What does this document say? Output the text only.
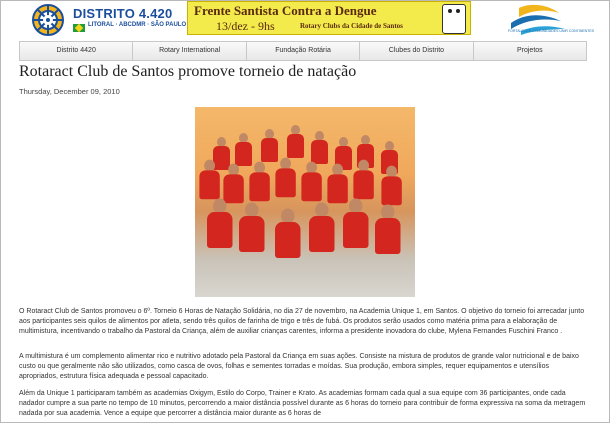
DISTRITO 4.420
LITORAL · ABCDMR · SÃO PAULO
Frente Santista Contra a Dengue
13/dez - 9hs	Rotary Clubs da Cidade de Santos
FORTALECER COMUNIDADES UNIR CONTINENTES
Distrito 4420	Rotary International	Fundação Rotária	Clubes do Distrito	Projetos
Rotaract Club de Santos promove torneio de natação
Thursday, December 09, 2010
O Rotaract Club de Santos promoveu o 6º. Torneio 6 Horas de Natação Solidária, no dia 27 de novembro, na Academia Unique 1, em Santos. O objetivo do torneio foi arrecadar junto aos participantes seis quilos de alimentos por atleta, sendo três quilos de farinha de trigo e três de fubá. Os produtos serão usados como matéria prima para a elaboração de multimistura, incentivando o trabalho da Pastoral da Criança, além de auxiliar crianças carentes, informa a presidente inovadora do clube, Mylena Fernandes Fuschini Franco .
A multimistura é um complemento alimentar rico e nutritivo adotado pela Pastoral da Criança em suas ações. Consiste na mistura de produtos de grande valor nutricional e de baixo custo ou que geralmente não são utilizados, como casca de ovos, folhas e sementes torradas e moídas. Sua produção, embora simples, requer equipamentos e utensílios apropriados, estrutura física adequada e pessoal capacitado.
Além da Unique 1 participaram também as academias Oxigym, Estilo do Corpo, Trainer e Krato. As academias formam cada qual a sua equipe com 36 participantes, onde cada nadador cumpre a sua parte no tempo de 10 minutos, percorrendo a maior distância possível durante as 6 horas do torneio para contribuir de forma expressiva na soma da metragem nadada por sua academia. Vence a equipe que percorrer a distância maior durante as 6 horas de
